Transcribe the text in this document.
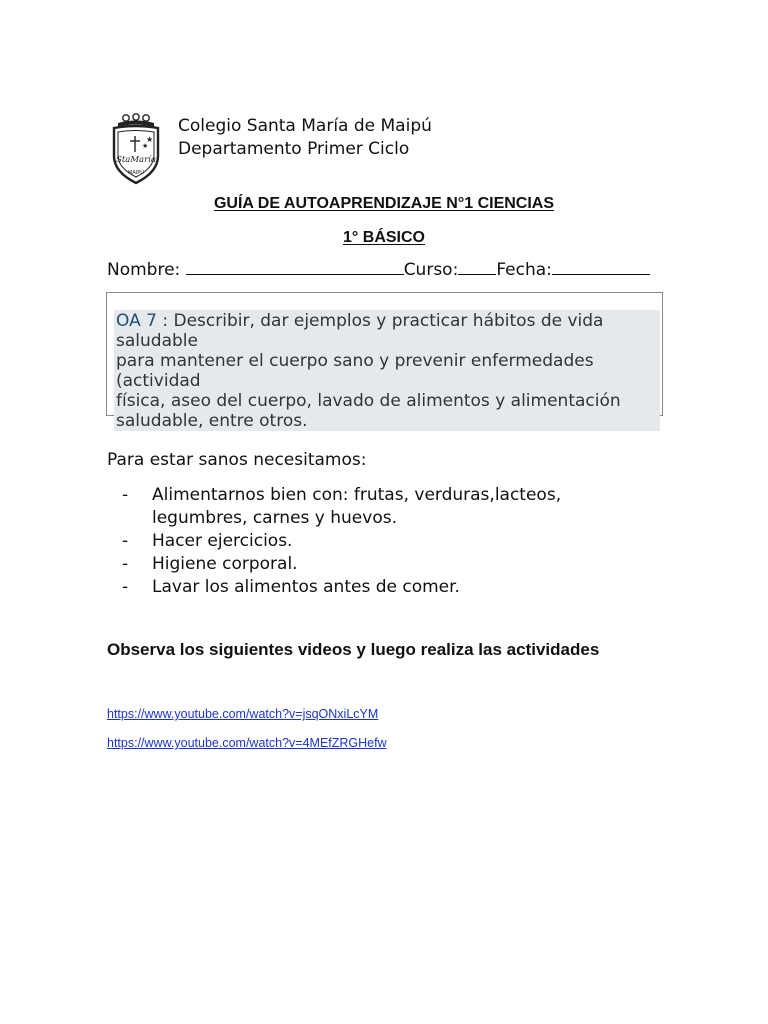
★
★
StaMaría
MAIPÚ
Colegio Santa María de Maipú
Departamento Primer Ciclo
GUÍA DE AUTOAPRENDIZAJE N°1 CIENCIAS
1° BÁSICO
Nombre:	Curso: Fecha:
OA 7 : Describir, dar ejemplos y practicar hábitos de vida
saludable
para mantener el cuerpo sano y prevenir enfermedades
(actividad
física, aseo del cuerpo, lavado de alimentos y alimentación
saludable, entre otros.
Para estar sanos necesitamos:
-	Alimentarnos bien con: frutas, verduras,lacteos,
legumbres, carnes y huevos.
-	Hacer ejercicios.
-	Higiene corporal.
-	Lavar los alimentos antes de comer.
Observa los siguientes videos y luego realiza las actividades
https://www.youtube.com/watch?v=jsqONxiLcYM
https://www.youtube.com/watch?v=4MEfZRGHefw
